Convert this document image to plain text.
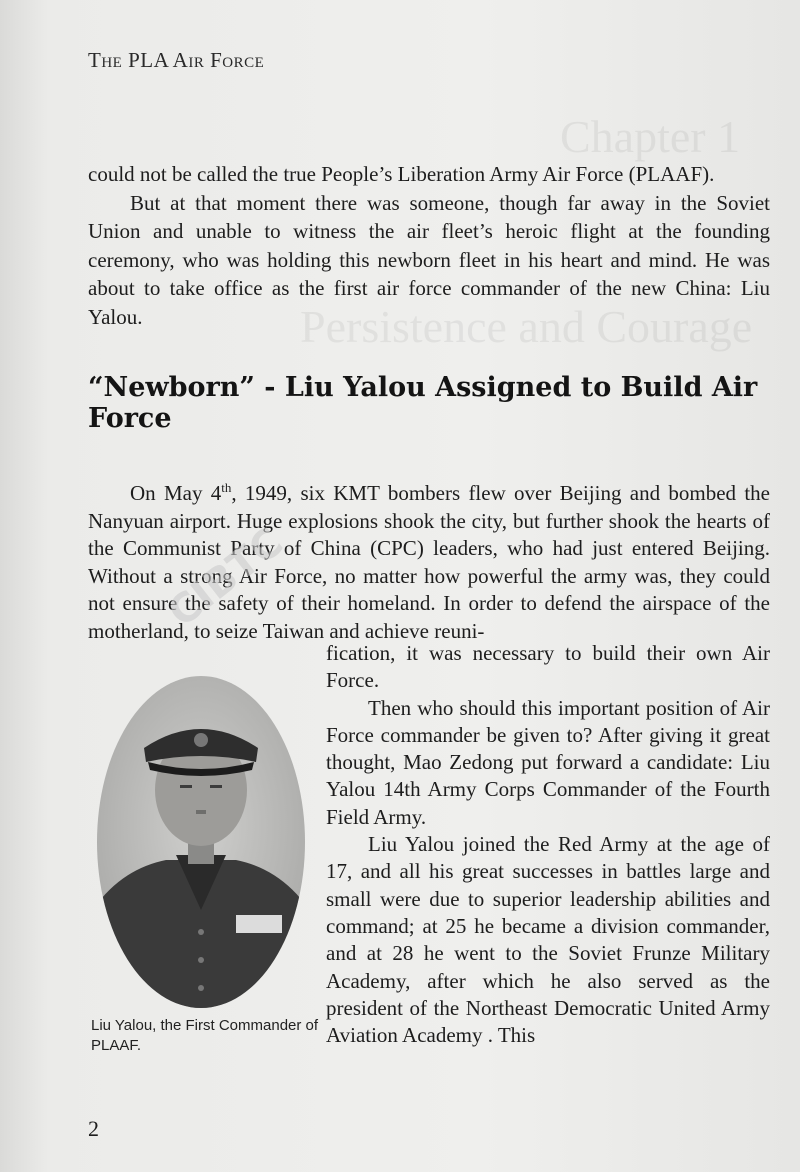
Chapter 1
Persistence and Courage
The PLA Air Force

could not be called the true People’s Liberation Army Air Force (PLAAF).

But at that moment there was someone, though far away in the Soviet Union and unable to witness the air fleet’s heroic flight at the founding ceremony, who was holding this newborn fleet in his heart and mind. He was about to take office as the first air force commander of the new China: Liu Yalou.

“Newborn” - Liu Yalou Assigned to Build Air Force

On May 4th, 1949, six KMT bombers flew over Beijing and bombed the Nanyuan airport. Huge explosions shook the city, but further shook the hearts of the Communist Party of China (CPC) leaders, who had just entered Beijing. Without a strong Air Force, no matter how powerful the army was, they could not ensure the safety of their homeland. In order to defend the airspace of the motherland, to seize Taiwan and achieve reuni-

fication, it was necessary to build their own Air Force.

Then who should this important position of Air Force commander be given to? After giving it great thought, Mao Zedong put forward a candidate: Liu Yalou 14th Army Corps Commander of the Fourth Field Army.

Liu Yalou joined the Red Army at the age of 17, and all his great successes in battles large and small were due to superior leadership abilities and command; at 25 he became a division commander, and at 28 he went to the Soviet Frunze Military Academy, after which he also served as the president of the Northeast Democratic United Army Aviation Academy . This

Liu Yalou, the First Commander of PLAAF.
CIBTC
2
